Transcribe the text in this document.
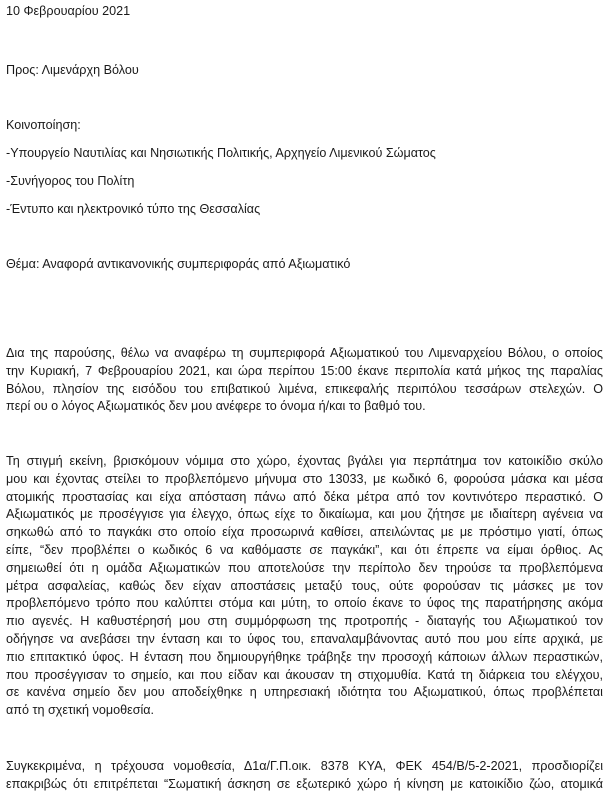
10 Φεβρουαρίου 2021

Προς: Λιμενάρχη Βόλου

Κοινοποίηση:

-Υπουργείο Ναυτιλίας και Νησιωτικής Πολιτικής, Αρχηγείο Λιμενικού Σώματος

-Συνήγορος του Πολίτη

-Έντυπο και ηλεκτρονικό τύπο της Θεσσαλίας

Θέμα: Αναφορά αντικανονικής συμπεριφοράς από Αξιωματικό

Δια της παρούσης, θέλω να αναφέρω τη συμπεριφορά Αξιωματικού του Λιμεναρχείου Βόλου, ο οποίος
την Κυριακή, 7 Φεβρουαρίου 2021, και ώρα περίπου 15:00 έκανε περιπολία κατά μήκος της παραλίας
Βόλου, πλησίον της εισόδου του επιβατικού λιμένα, επικεφαλής περιπόλου τεσσάρων στελεχών. Ο
περί ου ο λόγος Αξιωματικός δεν μου ανέφερε το όνομα ή/και το βαθμό του.
Τη στιγμή εκείνη, βρισκόμουν νόμιμα στο χώρο, έχοντας βγάλει για περπάτημα τον κατοικίδιο σκύλο
μου και έχοντας στείλει το προβλεπόμενο μήνυμα στο 13033, με κωδικό 6, φορούσα μάσκα και μέσα
ατομικής προστασίας και είχα απόσταση πάνω από δέκα μέτρα από τον κοντινότερο περαστικό. Ο
Αξιωματικός με προσέγγισε για έλεγχο, όπως είχε το δικαίωμα, και μου ζήτησε με ιδιαίτερη αγένεια να
σηκωθώ από το παγκάκι στο οποίο είχα προσωρινά καθίσει, απειλώντας με με πρόστιμο γιατί, όπως
είπε, “δεν προβλέπει ο κωδικός 6 να καθόμαστε σε παγκάκι”, και ότι έπρεπε να είμαι όρθιος. Ας
σημειωθεί ότι η ομάδα Αξιωματικών που αποτελούσε την περίπολο δεν τηρούσε τα προβλεπόμενα
μέτρα ασφαλείας, καθώς δεν είχαν αποστάσεις μεταξύ τους, ούτε φορούσαν τις μάσκες με τον
προβλεπόμενο τρόπο που καλύπτει στόμα και μύτη, το οποίο έκανε το ύφος της παρατήρησης ακόμα
πιο αγενές. Η καθυστέρησή μου στη συμμόρφωση της προτροπής - διαταγής του Αξιωματικού τον
οδήγησε να ανεβάσει την ένταση και το ύφος του, επαναλαμβάνοντας αυτό που μου είπε αρχικά, με
πιο επιτακτικό ύφος. Η ένταση που δημιουργήθηκε τράβηξε την προσοχή κάποιων άλλων περαστικών,
που προσέγγισαν το σημείο, και που είδαν και άκουσαν τη στιχομυθία. Κατά τη διάρκεια του ελέγχου,
σε κανένα σημείο δεν μου αποδείχθηκε η υπηρεσιακή ιδιότητα του Αξιωματικού, όπως προβλέπεται
από τη σχετική νομοθεσία.
Συγκεκριμένα, η τρέχουσα νομοθεσία, Δ1α/Γ.Π.οικ. 8378 ΚΥΑ, ΦΕΚ 454/Β/5-2-2021, προσδιορίζει
επακριβώς ότι επιτρέπεται “Σωματική άσκηση σε εξωτερικό χώρο ή κίνηση με κατοικίδιο ζώο, ατομικά
